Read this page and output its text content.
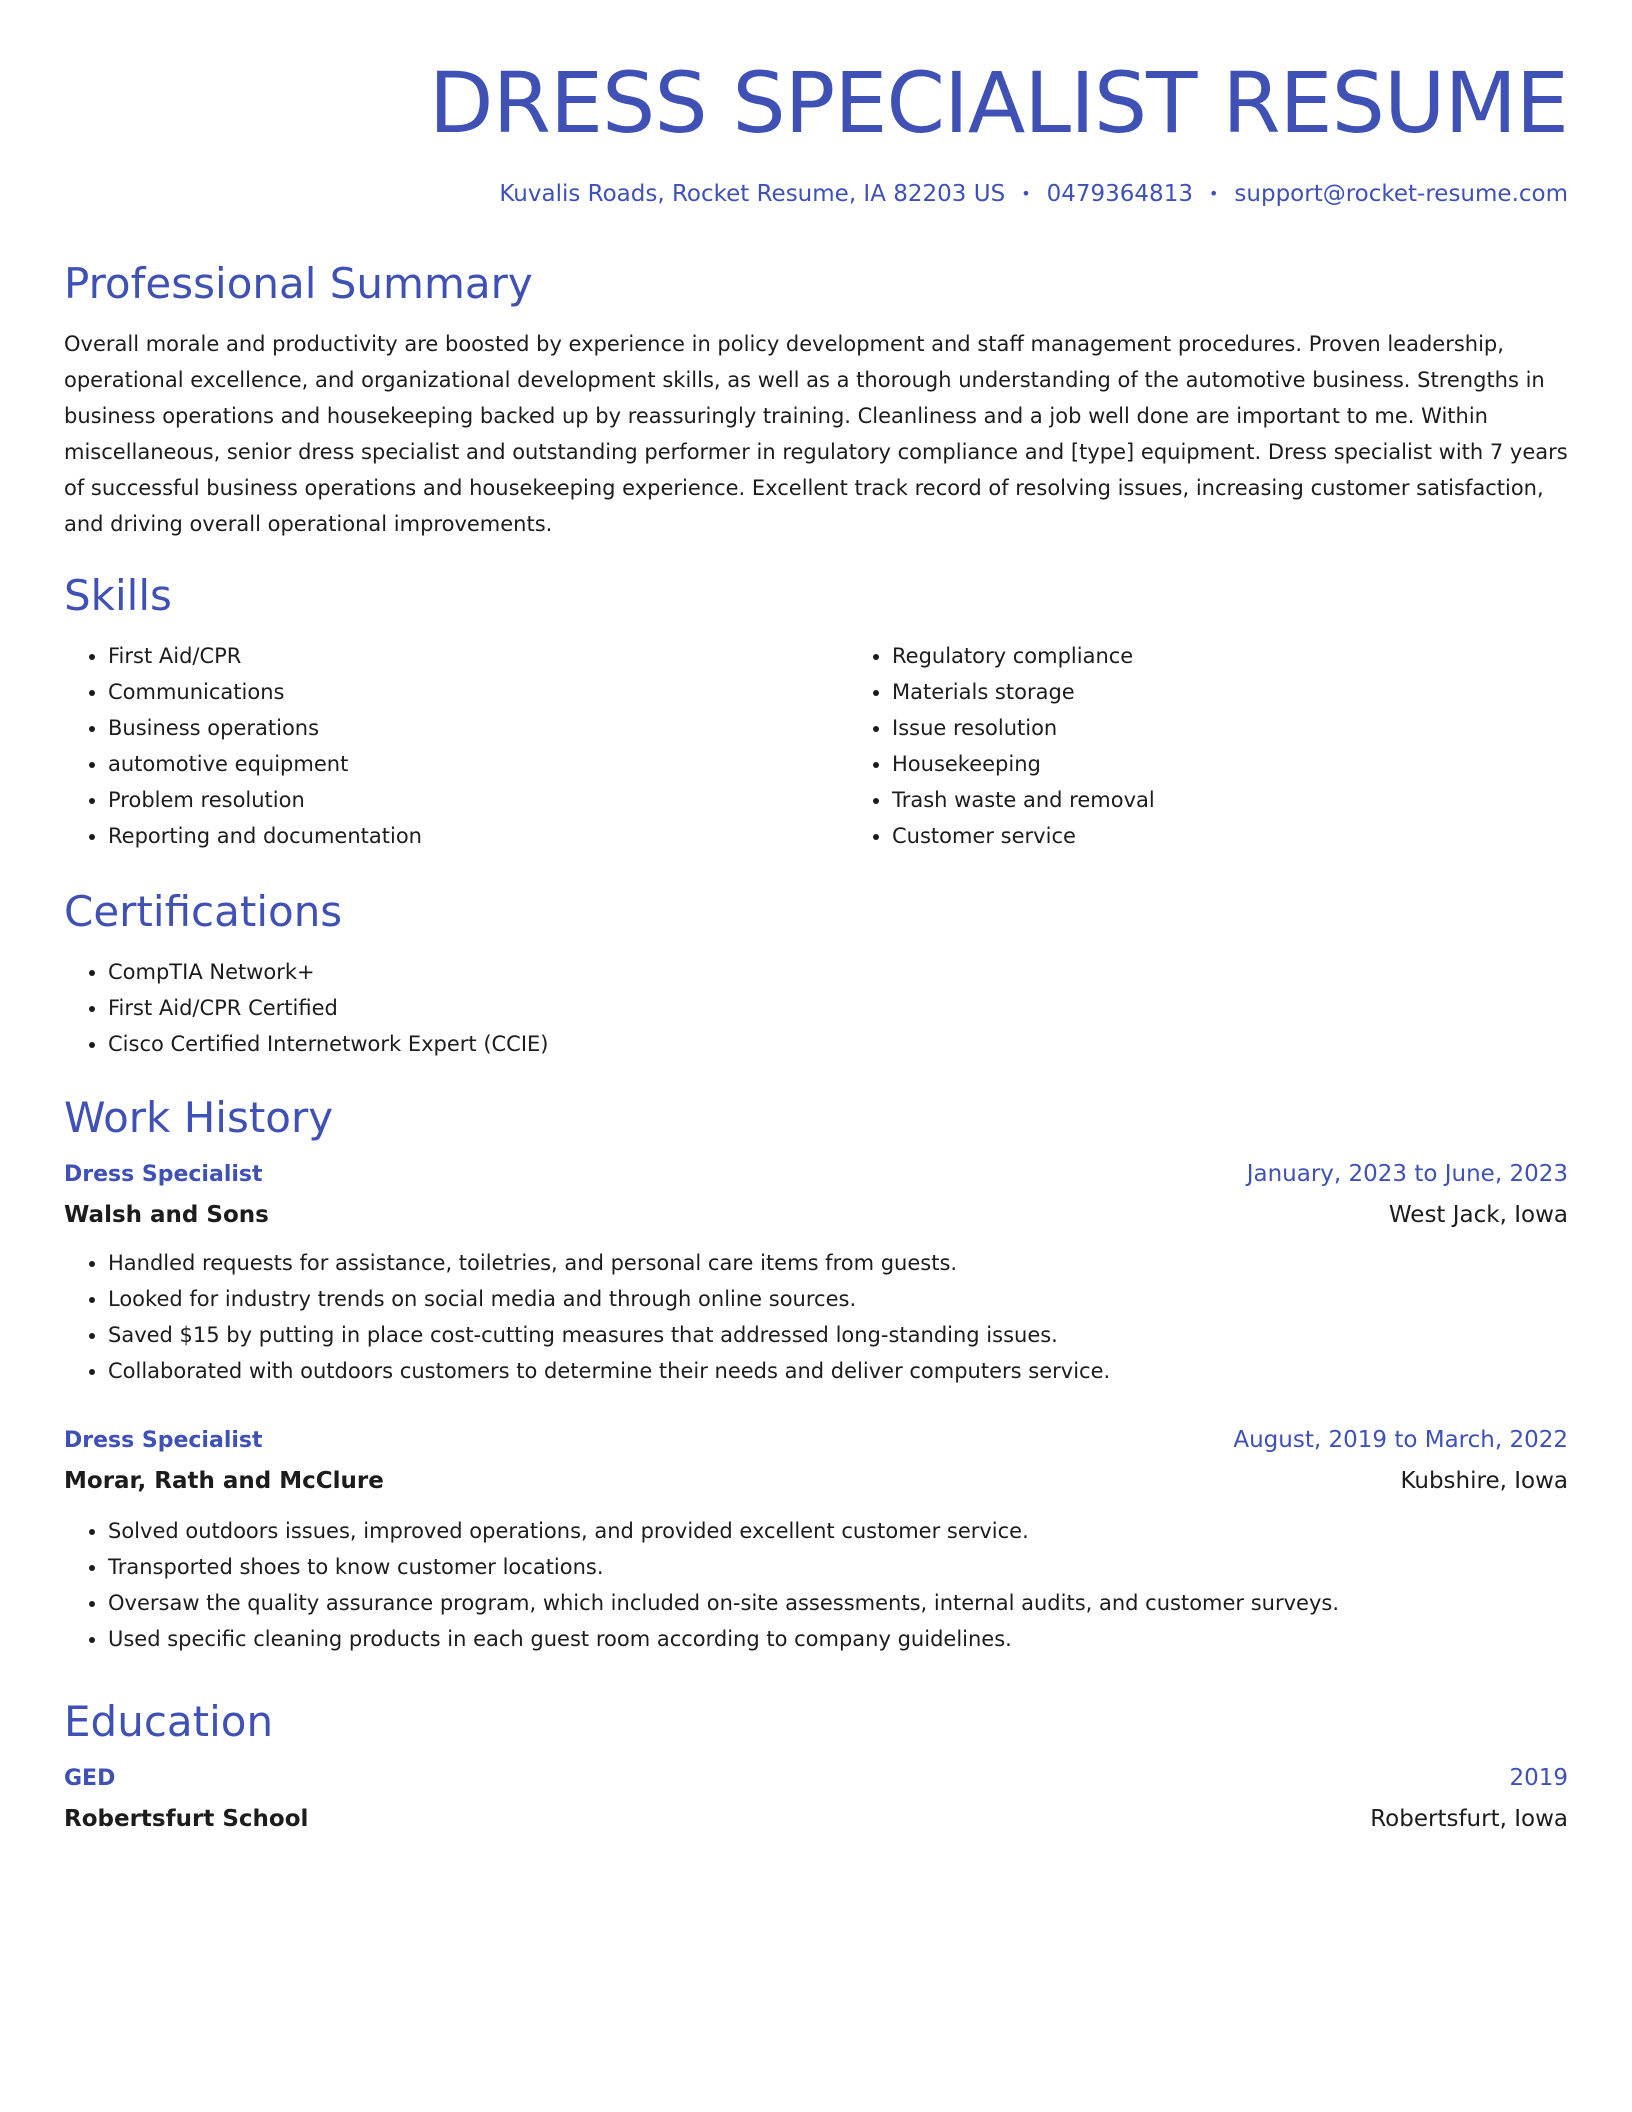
DRESS SPECIALIST RESUME
Kuvalis Roads, Rocket Resume, IA 82203 US • 0479364813 • support@rocket-resume.com
Professional Summary

Overall morale and productivity are boosted by experience in policy development and staff management procedures. Proven leadership, operational excellence, and organizational development skills, as well as a thorough understanding of the automotive business. Strengths in business operations and housekeeping backed up by reassuringly training. Cleanliness and a job well done are important to me. Within miscellaneous, senior dress specialist and outstanding performer in regulatory compliance and [type] equipment. Dress specialist with 7 years of successful business operations and housekeeping experience. Excellent track record of resolving issues, increasing customer satisfaction, and driving overall operational improvements.

Skills
• First Aid/CPR
• Communications
• Business operations
• automotive equipment
• Problem resolution
• Reporting and documentation
• Regulatory compliance
• Materials storage
• Issue resolution
• Housekeeping
• Trash waste and removal
• Customer service
Certifications
• CompTIA Network+
• First Aid/CPR Certified
• Cisco Certified Internetwork Expert (CCIE)
Work History
Dress Specialist	January, 2023 to June, 2023
Walsh and Sons	West Jack, Iowa
• Handled requests for assistance, toiletries, and personal care items from guests.
• Looked for industry trends on social media and through online sources.
• Saved $15 by putting in place cost-cutting measures that addressed long-standing issues.
• Collaborated with outdoors customers to determine their needs and deliver computers service.
Dress Specialist	August, 2019 to March, 2022
Morar, Rath and McClure	Kubshire, Iowa
• Solved outdoors issues, improved operations, and provided excellent customer service.
• Transported shoes to know customer locations.
• Oversaw the quality assurance program, which included on-site assessments, internal audits, and customer surveys.
• Used specific cleaning products in each guest room according to company guidelines.
Education
GED	2019
Robertsfurt School	Robertsfurt, Iowa
